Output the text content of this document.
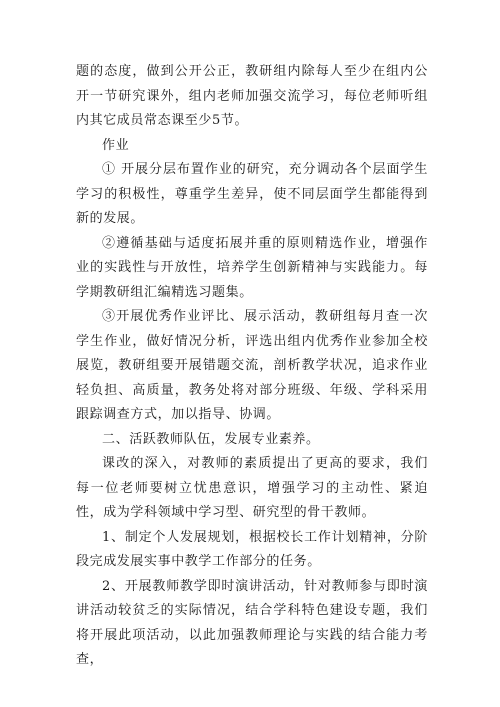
题的态度，做到公开公正，教研组内除每人至少在组内公开一节研究课外，组内老师加强交流学习，每位老师听组内其它成员常态课至少5节。

作业

① 开展分层布置作业的研究，充分调动各个层面学生学习的积极性，尊重学生差异，使不同层面学生都能得到新的发展。

②遵循基础与适度拓展并重的原则精选作业，增强作业的实践性与开放性，培养学生创新精神与实践能力。每学期教研组汇编精选习题集。

③开展优秀作业评比、展示活动，教研组每月查一次学生作业，做好情况分析，评选出组内优秀作业参加全校展览，教研组要开展错题交流，剖析教学状况，追求作业轻负担、高质量，教务处将对部分班级、年级、学科采用跟踪调查方式，加以指导、协调。

二、活跃教师队伍，发展专业素养。

课改的深入，对教师的素质提出了更高的要求，我们每一位老师要树立忧患意识，增强学习的主动性、紧迫性，成为学科领域中学习型、研究型的骨干教师。

1、制定个人发展规划，根据校长工作计划精神，分阶段完成发展实事中教学工作部分的任务。

2、开展教师教学即时演讲活动，针对教师参与即时演讲活动较贫乏的实际情况，结合学科特色建设专题，我们将开展此项活动，以此加强教师理论与实践的结合能力考查，
